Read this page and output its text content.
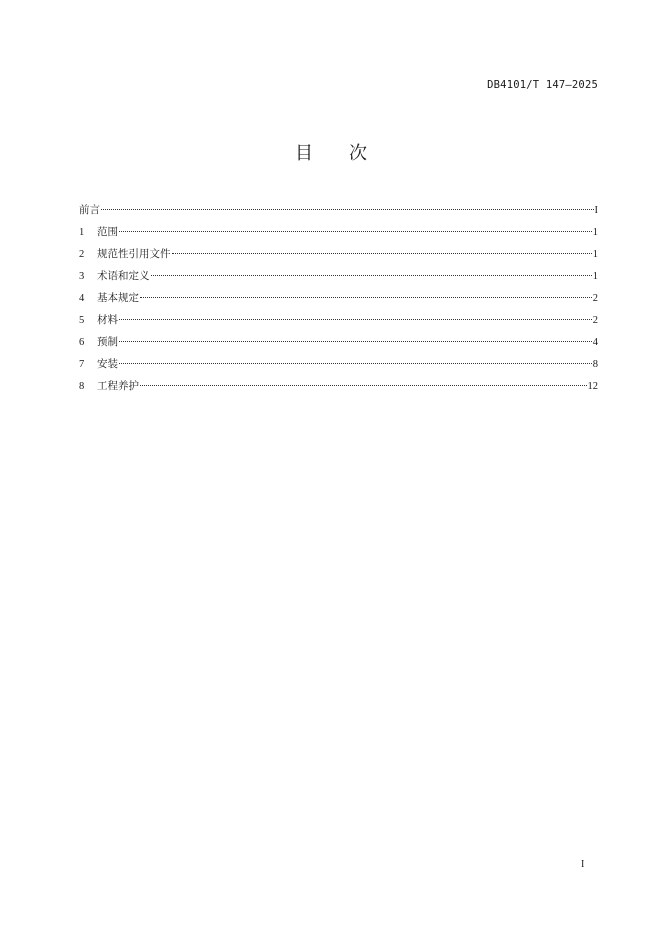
DB4101/T 147—2025
目 次
前言	I
1	范围	1
2	规范性引用文件	1
3	术语和定义	1
4	基本规定	2
5	材料	2
6	预制	4
7	安装	8
8	工程养护	12
I
